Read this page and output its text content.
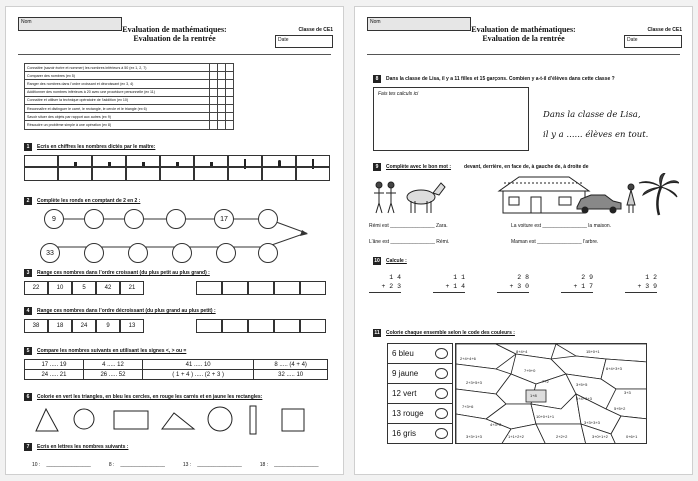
Nom
Evaluation de mathématiques:
Evaluation de la rentrée
Classe de CE1
Date
Connaître (savoir écrire et nommer) les nombres inférieurs à 50 (ex 1, 2, 7)			
Comparer des nombres (ex 5)			
Ranger des nombres dans l’ordre croissant et décroissant (ex 3, 4)			
Additionner des nombres inférieurs à 20 avec une procédure personnelle (ex 11)			
Connaître et utiliser la technique opératoire de l’addition (ex 10)			
Reconnaître et distinguer le carré, le rectangle, le cercle et le triangle (ex 6)			
Savoir situer des objets par rapport aux autres (ex 9)			
Résoudre un problème simple à une opération (ex 8)			
1	Ecris en chiffres les nombres dictés par le maître:
2	Complète les ronds en comptant de 2 en 2 :
9	17
33
3	Range ces nombres dans l’ordre croissant (du plus petit au plus grand) :
22	10	5	42	21
4	Range ces nombres dans l’ordre décroissant (du plus grand au plus petit) :
38	18	24	9	13
5	Compare les nombres suivants en utilisant les signes <, > ou =
17 ..... 19	4 ..... 12	41 ..... 10	8 ..... (4 + 4)
24 ..... 21	26 ..... 52	( 1 + 4 ) ..... (2 + 3 )	32 ..... 10
6	Colorie en vert les triangles, en bleu les cercles, en rouge les carrés et en jaune les rectangles:
7	Ecris en lettres les nombres suivants :
10 : ________________	8 : ________________	13 : ________________	18 : ________________
Nom
Evaluation de mathématiques:
Evaluation de la rentrée
Classe de CE1
Date
8	Dans la classe de Lisa, il y a 11 filles et 15 garçons. Combien y a-t-il d’élèves dans cette classe ?
Fais tes calculs ici
Dans la classe de Lisa,
il y a ...... élèves en tout.
9	Complète avec le bon mot :	devant, derrière, en face de, à gauche de, à droite de
Rémi est ________________ Zara.	La voiture est ________________ la maison.
L’âne est ________________ Rémi.	Maman est ________________ l’arbre.
10 Calcule :
1 4
+ 2 3
1 1
+ 1 4
2 8
+ 3 0
2 9
+ 1 7
1 2
+ 3 9
11 Colorie chaque ensemble selon le code des couleurs :
6 bleu
9 jaune
12 vert
13 rouge
16 gris
2+4+4+6
8+4+4	15+0+1
7+9+0	6+4+3+3
2+3+5+3	7+2
3+5+5
3+3
1+8
7+3+6
4+4+3+3
5+5+2
10+0+1+1
3+3+3+3
3+3+1+3	1+1+2+2	2+2+2	3+0+1+2	0+6+1
4+3+2
